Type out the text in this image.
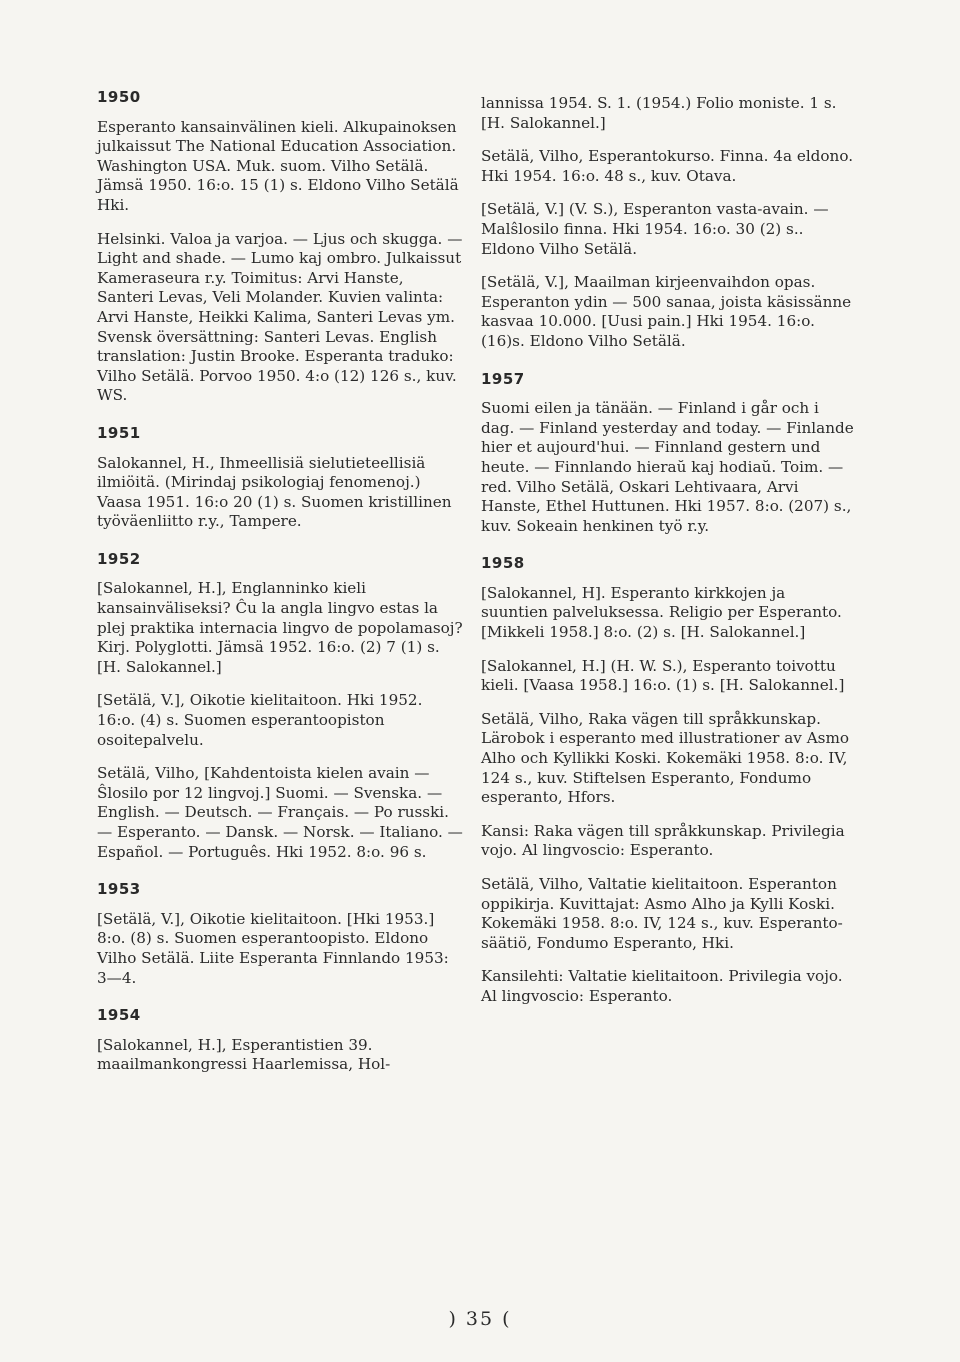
1950
Esperanto kansainvälinen kieli. Alkupainoksen julkaissut The National Education Association. Washington USA. Muk. suom. Vilho Setälä. Jämsä 1950. 16:o. 15 (1) s. Eldono Vilho Setälä Hki.
Helsinki. Valoa ja varjoa. — Ljus och skugga. — Light and shade. — Lumo kaj ombro. Julkaissut Kameraseura r.y. Toimitus: Arvi Hanste, Santeri Levas, Veli Molander. Kuvien valinta: Arvi Hanste, Heikki Kalima, Santeri Levas ym. Svensk översättning: Santeri Levas. English translation: Justin Brooke. Esperanta traduko: Vilho Setälä. Porvoo 1950. 4:o (12) 126 s., kuv. WS.
1951
Salokannel, H., Ihmeellisiä sielutieteellisiä ilmiöitä. (Mirindaj psikologiaj fenomenoj.) Vaasa 1951. 16:o 20 (1) s. Suomen kristillinen työväenliitto r.y., Tampere.
1952
[Salokannel, H.], Englanninko kieli kansainväliseksi? Ĉu la angla lingvo estas la plej praktika internacia lingvo de popolamasoj? Kirj. Polyglotti. Jämsä 1952. 16:o. (2) 7 (1) s. [H. Salokannel.]
[Setälä, V.], Oikotie kielitaitoon. Hki 1952. 16:o. (4) s. Suomen esperantoopiston osoitepalvelu.
Setälä, Vilho, [Kahdentoista kielen avain — Ŝlosilo por 12 lingvoj.] Suomi. — Svenska. — English. — Deutsch. — Français. — Po russki. — Esperanto. — Dansk. — Norsk. — Italiano. — Español. — Português. Hki 1952. 8:o. 96 s.
1953
[Setälä, V.], Oikotie kielitaitoon. [Hki 1953.] 8:o. (8) s. Suomen esperantoopisto. Eldono Vilho Setälä. Liite Esperanta Finnlando 1953: 3—4.
1954
[Salokannel, H.], Esperantistien 39. maailmankongressi Haarlemissa, Hol-
lannissa 1954. S. 1. (1954.) Folio moniste. 1 s. [H. Salokannel.]
Setälä, Vilho, Esperantokurso. Finna. 4a eldono. Hki 1954. 16:o. 48 s., kuv. Otava.
[Setälä, V.] (V. S.), Esperanton vasta-avain. — Malŝlosilo finna. Hki 1954. 16:o. 30 (2) s.. Eldono Vilho Setälä.
[Setälä, V.], Maailman kirjeenvaihdon opas. Esperanton ydin — 500 sanaa, joista käsissänne kasvaa 10.000. [Uusi pain.] Hki 1954. 16:o. (16)s. Eldono Vilho Setälä.
1957
Suomi eilen ja tänään. — Finland i går och i dag. — Finland yesterday and today. — Finlande hier et aujourd'hui. — Finnland gestern und heute. — Finnlando hieraŭ kaj hodiaŭ. Toim. — red. Vilho Setälä, Oskari Lehtivaara, Arvi Hanste, Ethel Huttunen. Hki 1957. 8:o. (207) s., kuv. Sokeain henkinen työ r.y.
1958
[Salokannel, H]. Esperanto kirkkojen ja suuntien palveluksessa. Religio per Esperanto. [Mikkeli 1958.] 8:o. (2) s. [H. Salokannel.]
[Salokannel, H.] (H. W. S.), Esperanto toivottu kieli. [Vaasa 1958.] 16:o. (1) s. [H. Salokannel.]
Setälä, Vilho, Raka vägen till språkkunskap. Lärobok i esperanto med illustrationer av Asmo Alho och Kyllikki Koski. Kokemäki 1958. 8:o. IV, 124 s., kuv. Stiftelsen Esperanto, Fondumo esperanto, Hfors.
Kansi: Raka vägen till språkkunskap. Privilegia vojo. Al lingvoscio: Esperanto.
Setälä, Vilho, Valtatie kielitaitoon. Esperanton oppikirja. Kuvittajat: Asmo Alho ja Kylli Koski. Kokemäki 1958. 8:o. IV, 124 s., kuv. Esperanto-säätiö, Fondumo Esperanto, Hki.
Kansilehti: Valtatie kielitaitoon. Privilegia vojo. Al lingvoscio: Esperanto.
) 35 (
